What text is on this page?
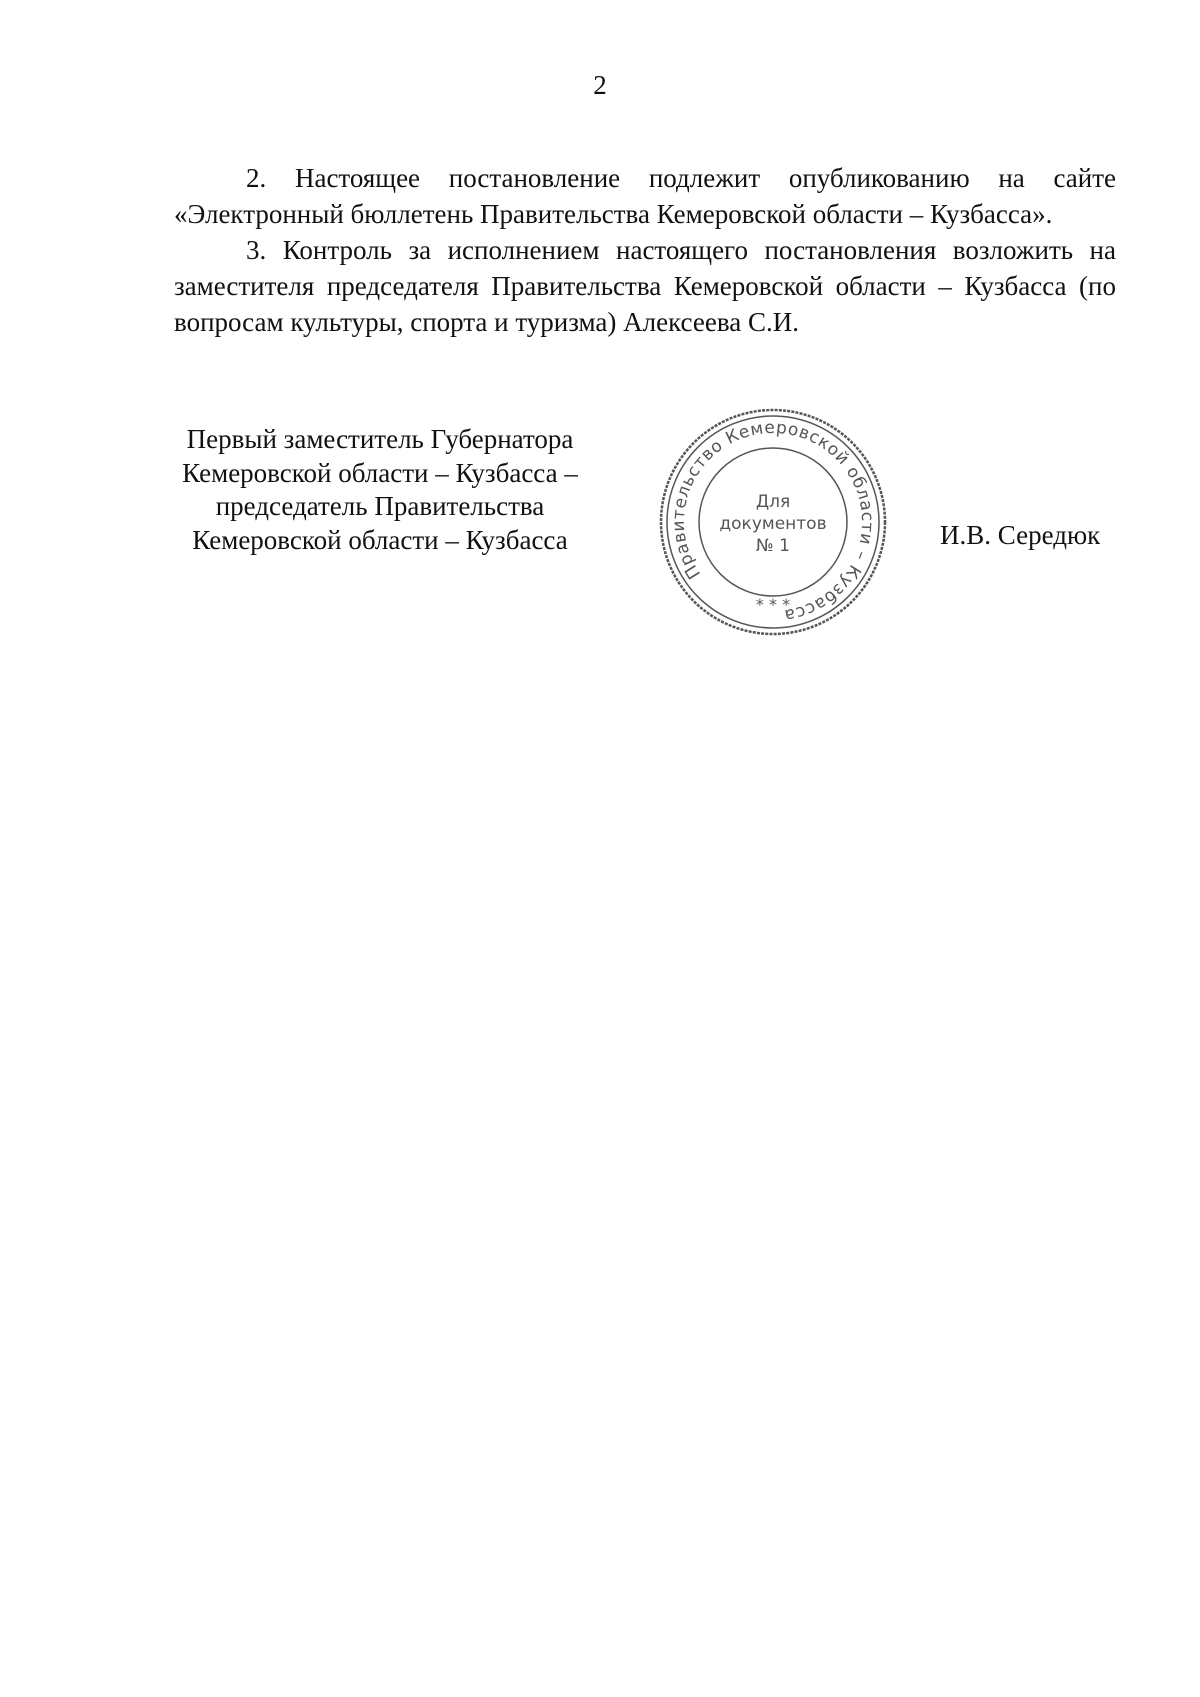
2

2. Настоящее постановление подлежит опубликованию на сайте «Электронный бюллетень Правительства Кемеровской области – Кузбасса».

3. Контроль за исполнением настоящего постановления возложить на заместителя председателя Правительства Кемеровской области – Кузбасса (по вопросам культуры, спорта и туризма) Алексеева С.И.

Первый заместитель Губернатора
Кемеровской области – Кузбасса –
председатель Правительства
Кемеровской области – Кузбасса
Правительство Кемеровской области – Кузбасса
Для
документов
№ 1
* * *
И.В. Середюк
